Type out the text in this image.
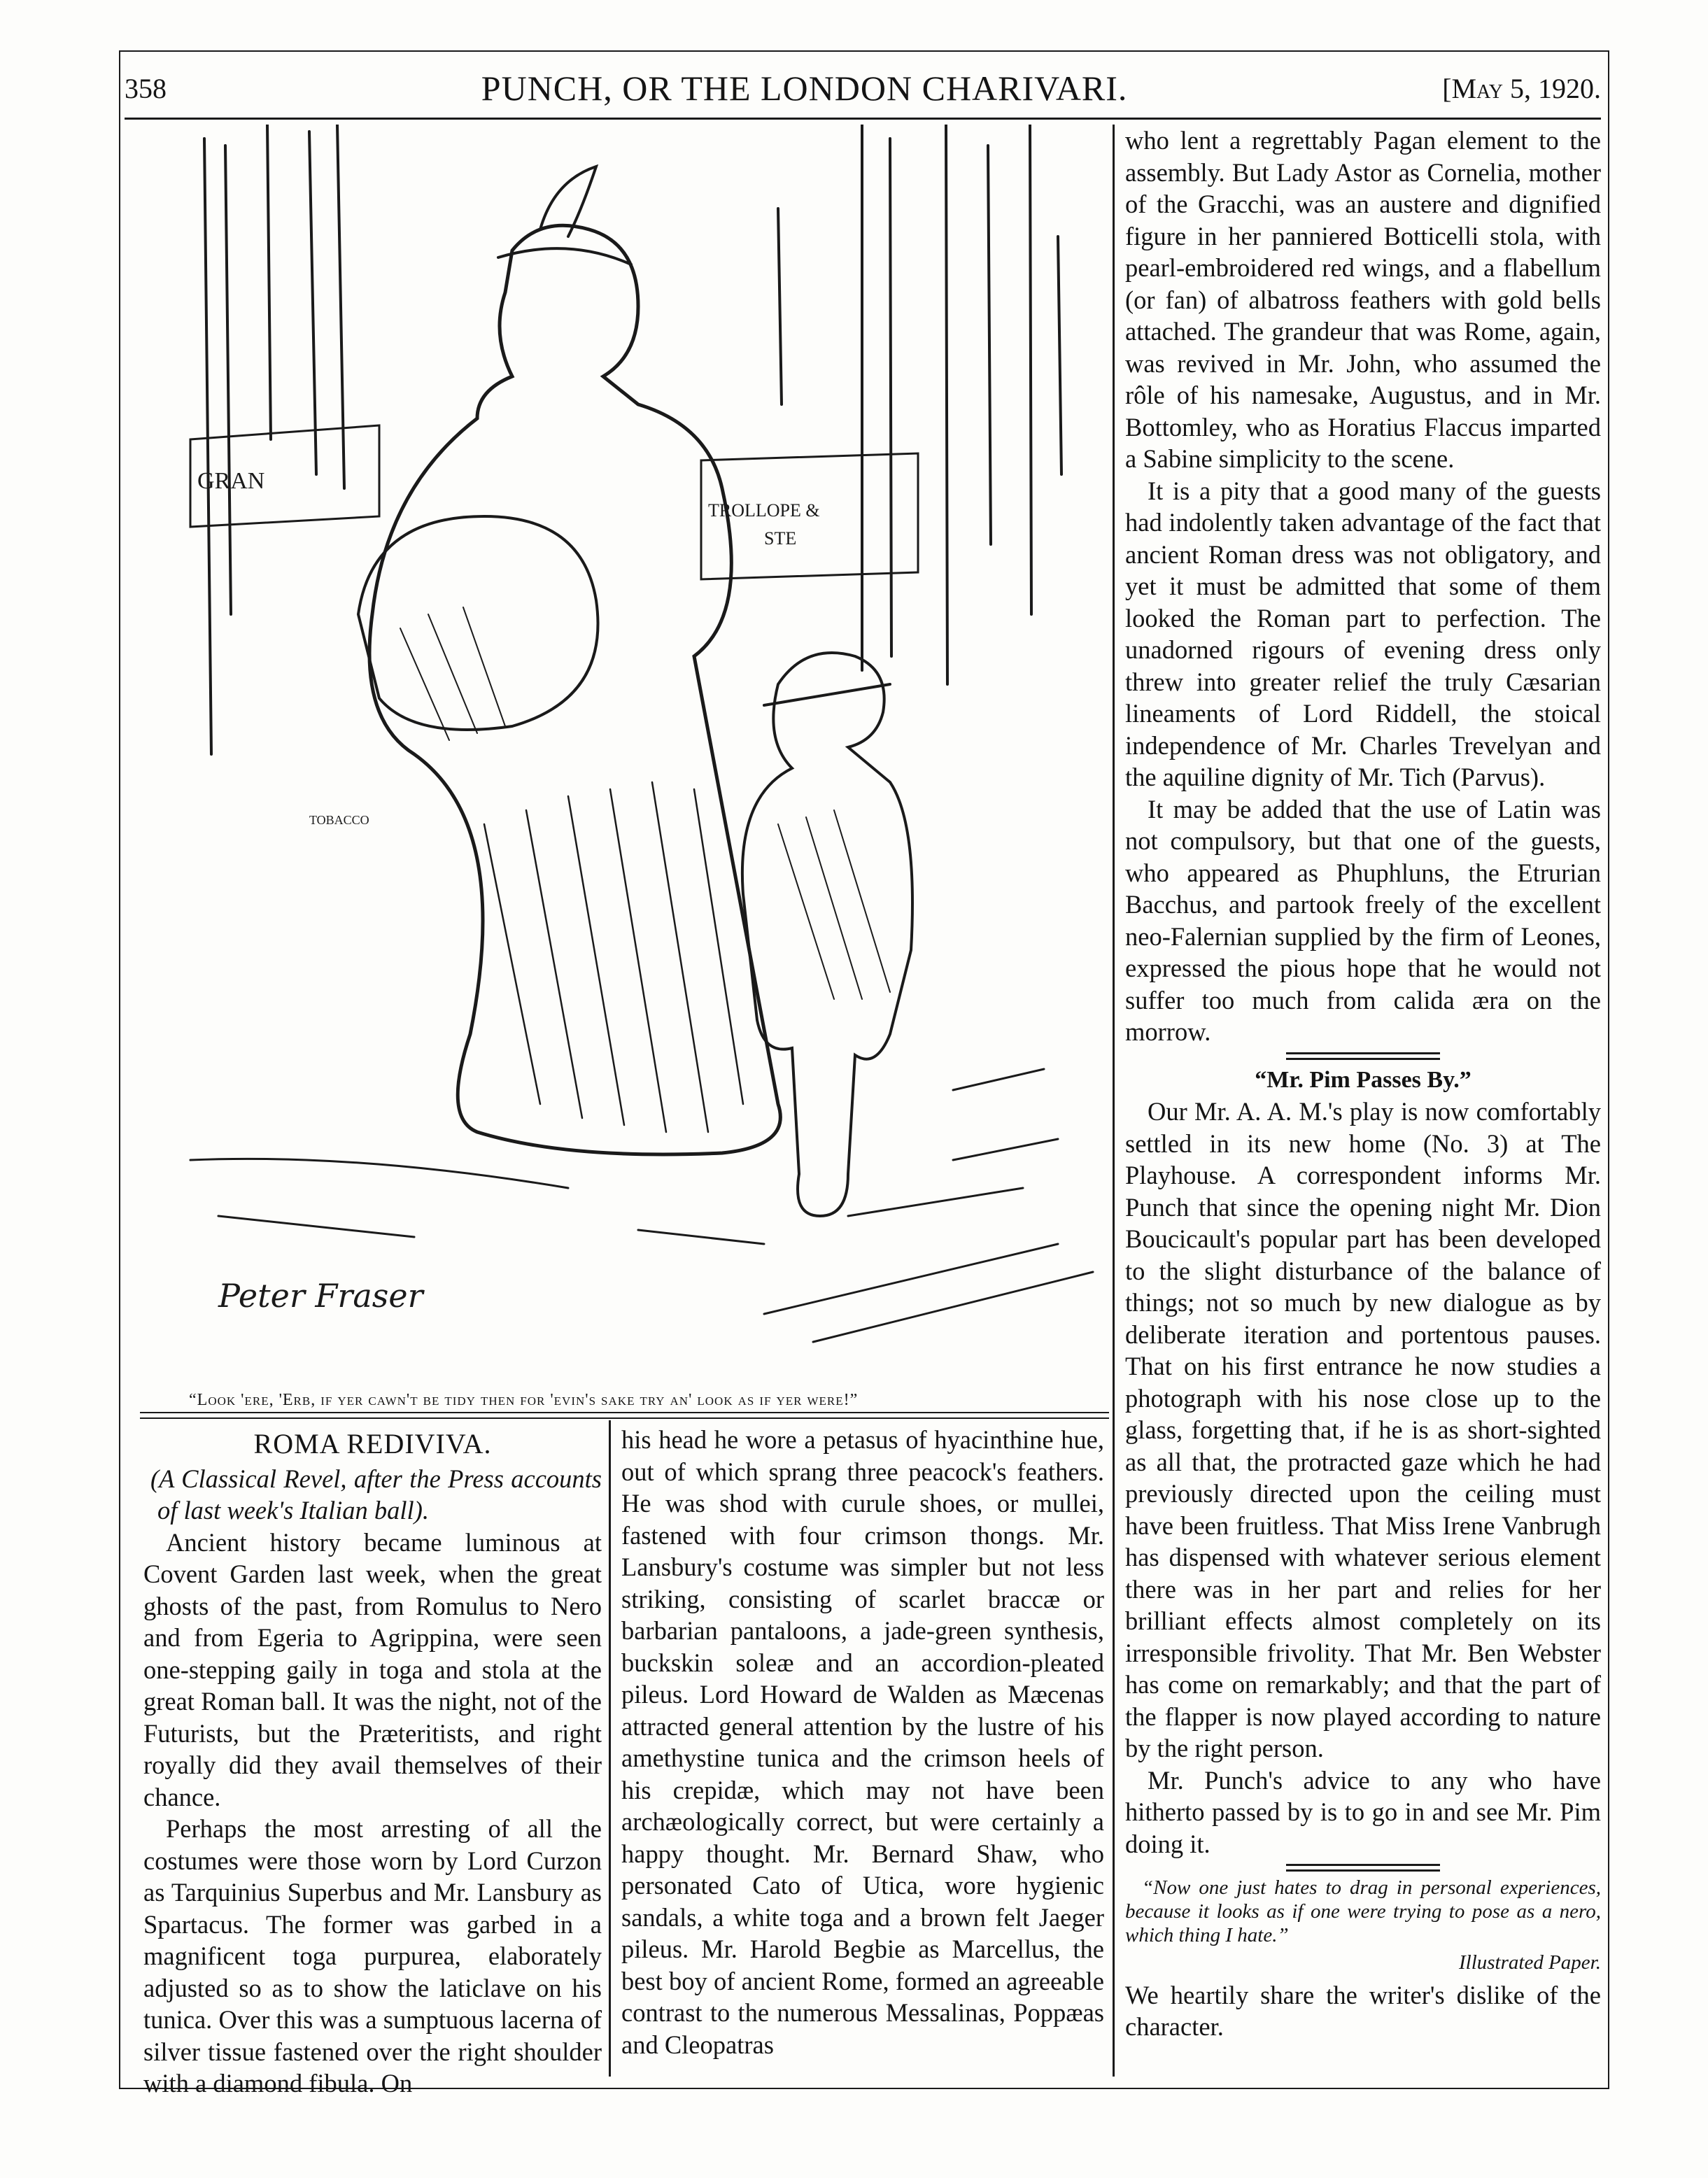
358	PUNCH, OR THE LONDON CHARIVARI.	[May 5, 1920.
GRAN
TROLLOPE &
STE
TOBACCO
Peter Fraser
“Look 'ere, 'Erb, if yer cawn't be tidy then for 'evin's sake try an' look as if yer were!”
ROMA REDIVIVA.
(A Classical Revel, after the Press accounts of last week's Italian ball).

Ancient history became luminous at Covent Garden last week, when the great ghosts of the past, from Romulus to Nero and from Egeria to Agrippina, were seen one-stepping gaily in toga and stola at the great Roman ball. It was the night, not of the Futurists, but the Præteritists, and right royally did they avail themselves of their chance.

Perhaps the most arresting of all the costumes were those worn by Lord Curzon as Tarquinius Superbus and Mr. Lansbury as Spartacus. The former was garbed in a magnificent toga purpurea, elaborately adjusted so as to show the laticlave on his tunica. Over this was a sumptuous lacerna of silver tissue fastened over the right shoulder with a diamond fibula. On

his head he wore a petasus of hyacinthine hue, out of which sprang three peacock's feathers. He was shod with curule shoes, or mullei, fastened with four crimson thongs. Mr. Lansbury's costume was simpler but not less striking, consisting of scarlet braccæ or barbarian pantaloons, a jade-green synthesis, buckskin soleæ and an accordion-pleated pileus. Lord Howard de Walden as Mæcenas attracted general attention by the lustre of his amethystine tunica and the crimson heels of his crepidæ, which may not have been archæologically correct, but were certainly a happy thought. Mr. Bernard Shaw, who personated Cato of Utica, wore hygienic sandals, a white toga and a brown felt Jaeger pileus. Mr. Harold Begbie as Marcellus, the best boy of ancient Rome, formed an agreeable contrast to the numerous Messalinas, Poppæas and Cleopatras

who lent a regrettably Pagan element to the assembly. But Lady Astor as Cornelia, mother of the Gracchi, was an austere and dignified figure in her panniered Botticelli stola, with pearl-embroidered red wings, and a flabellum (or fan) of albatross feathers with gold bells attached. The grandeur that was Rome, again, was revived in Mr. John, who assumed the rôle of his namesake, Augustus, and in Mr. Bottomley, who as Horatius Flaccus imparted a Sabine simplicity to the scene.

It is a pity that a good many of the guests had indolently taken advantage of the fact that ancient Roman dress was not obligatory, and yet it must be admitted that some of them looked the Roman part to perfection. The unadorned rigours of evening dress only threw into greater relief the truly Cæsarian lineaments of Lord Riddell, the stoical independence of Mr. Charles Trevelyan and the aquiline dignity of Mr. Tich (Parvus).

It may be added that the use of Latin was not compulsory, but that one of the guests, who appeared as Phuphluns, the Etrurian Bacchus, and partook freely of the excellent neo-Falernian supplied by the firm of Leones, expressed the pious hope that he would not suffer too much from calida æra on the morrow.

“Mr. Pim Passes By.”

Our Mr. A. A. M.'s play is now comfortably settled in its new home (No. 3) at The Playhouse. A correspondent informs Mr. Punch that since the opening night Mr. Dion Boucicault's popular part has been developed to the slight disturbance of the balance of things; not so much by new dialogue as by deliberate iteration and portentous pauses. That on his first entrance he now studies a photograph with his nose close up to the glass, forgetting that, if he is as short-sighted as all that, the protracted gaze which he had previously directed upon the ceiling must have been fruitless. That Miss Irene Vanbrugh has dispensed with whatever serious element there was in her part and relies for her brilliant effects almost completely on its irresponsible frivolity. That Mr. Ben Webster has come on remarkably; and that the part of the flapper is now played according to nature by the right person.

Mr. Punch's advice to any who have hitherto passed by is to go in and see Mr. Pim doing it.

“Now one just hates to drag in personal experiences, because it looks as if one were trying to pose as a nero, which thing I hate.”
Illustrated Paper.

We heartily share the writer's dislike of the character.
